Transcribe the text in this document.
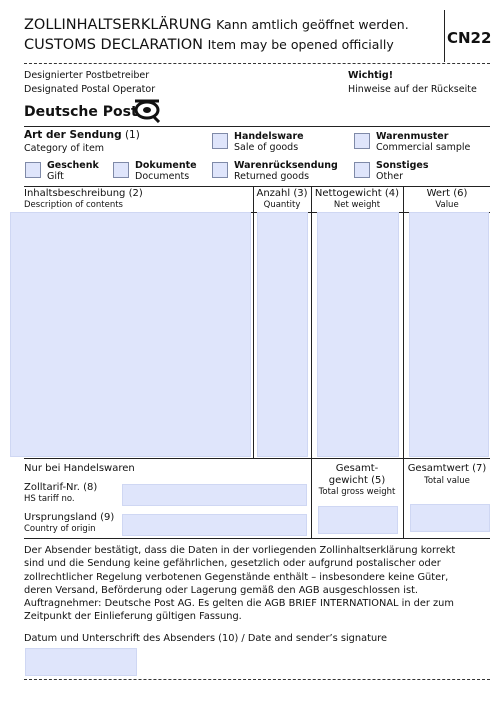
ZOLLINHALTSERKLÄRUNG Kann amtlich geöffnet werden.
CUSTOMS DECLARATION Item may be opened officially	CN22
Designierter Postbetreiber
Designated Postal Operator
Wichtig!
Hinweise auf der Rückseite
Deutsche Post
Art der Sendung (1)
Category of item
Handelsware
Sale of goods
Warenmuster
Commercial sample
Geschenk
Gift
Dokumente
Documents
Warenrücksendung
Returned goods
Sonstiges
Other
Inhaltsbeschreibung (2)
Description of contents
Anzahl (3)
Quantity
Nettogewicht (4)
Net weight
Wert (6)
Value
Nur bei Handelswaren
Zolltarif-Nr. (8)
HS tariff no.
Ursprungsland (9)
Country of origin
Gesamt-
gewicht (5)
Total gross weight
Gesamtwert (7)
Total value
Der Absender bestätigt, dass die Daten in der vorliegenden Zollinhaltserklärung korrekt
sind und die Sendung keine gefährlichen, gesetzlich oder aufgrund postalischer oder
zollrechtlicher Regelung verbotenen Gegenstände enthält – insbesondere keine Güter,
deren Versand, Beförderung oder Lagerung gemäß den AGB ausgeschlossen ist.
Auftragnehmer: Deutsche Post AG. Es gelten die AGB BRIEF INTERNATIONAL in der zum
Zeitpunkt der Einlieferung gültigen Fassung.
Datum und Unterschrift des Absenders (10) / Date and sender’s signature
